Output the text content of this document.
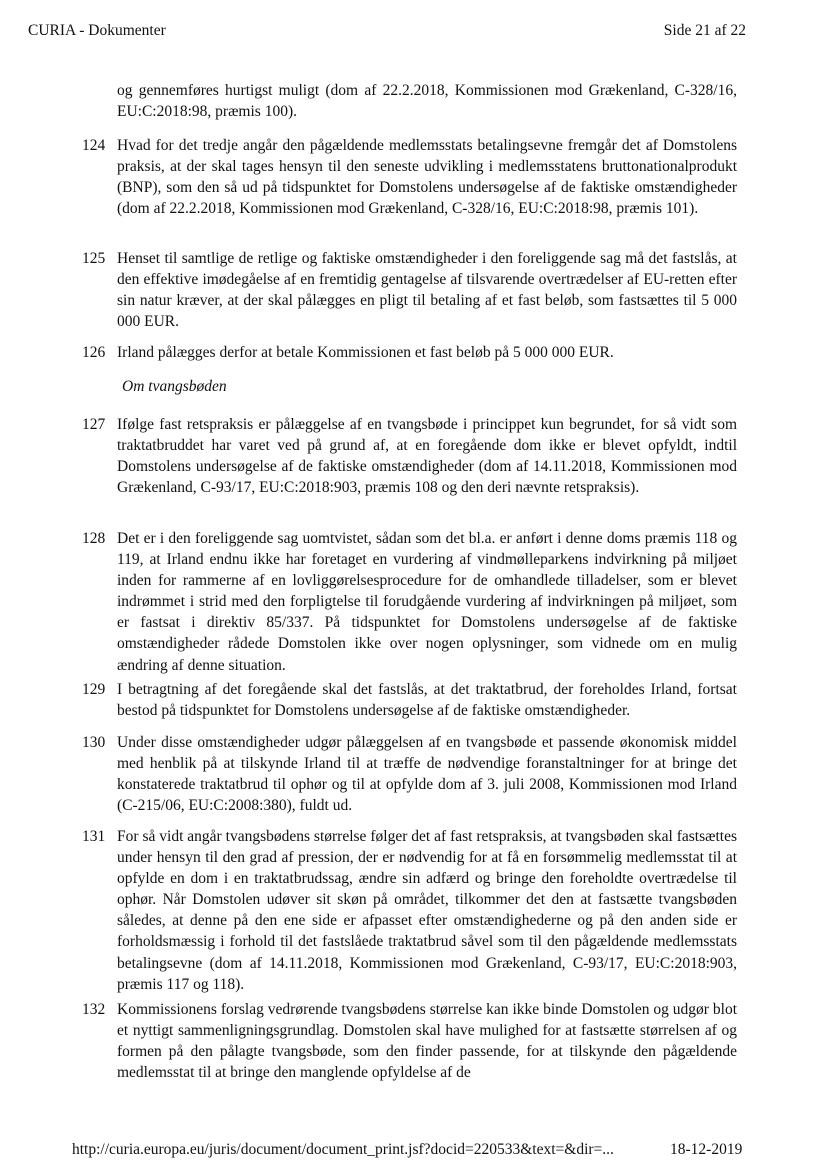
CURIA - Dokumenter	Side 21 af 22
og gennemføres hurtigst muligt (dom af 22.2.2018, Kommissionen mod Grækenland, C-328/16, EU:C:2018:98, præmis 100).
124 Hvad for det tredje angår den pågældende medlemsstats betalingsevne fremgår det af Domstolens praksis, at der skal tages hensyn til den seneste udvikling i medlemsstatens bruttonationalprodukt (BNP), som den så ud på tidspunktet for Domstolens undersøgelse af de faktiske omstændigheder (dom af 22.2.2018, Kommissionen mod Grækenland, C-328/16, EU:C:2018:98, præmis 101).
125 Henset til samtlige de retlige og faktiske omstændigheder i den foreliggende sag må det fastslås, at den effektive imødegåelse af en fremtidig gentagelse af tilsvarende overtrædelser af EU-retten efter sin natur kræver, at der skal pålægges en pligt til betaling af et fast beløb, som fastsættes til 5 000 000 EUR.
126 Irland pålægges derfor at betale Kommissionen et fast beløb på 5 000 000 EUR.
Om tvangsbøden
127 Ifølge fast retspraksis er pålæggelse af en tvangsbøde i princippet kun begrundet, for så vidt som traktatbruddet har varet ved på grund af, at en foregående dom ikke er blevet opfyldt, indtil Domstolens undersøgelse af de faktiske omstændigheder (dom af 14.11.2018, Kommissionen mod Grækenland, C-93/17, EU:C:2018:903, præmis 108 og den deri nævnte retspraksis).
128 Det er i den foreliggende sag uomtvistet, sådan som det bl.a. er anført i denne doms præmis 118 og 119, at Irland endnu ikke har foretaget en vurdering af vindmølleparkens indvirkning på miljøet inden for rammerne af en lovliggørelsesprocedure for de omhandlede tilladelser, som er blevet indrømmet i strid med den forpligtelse til forudgående vurdering af indvirkningen på miljøet, som er fastsat i direktiv 85/337. På tidspunktet for Domstolens undersøgelse af de faktiske omstændigheder rådede Domstolen ikke over nogen oplysninger, som vidnede om en mulig ændring af denne situation.
129 I betragtning af det foregående skal det fastslås, at det traktatbrud, der foreholdes Irland, fortsat bestod på tidspunktet for Domstolens undersøgelse af de faktiske omstændigheder.
130 Under disse omstændigheder udgør pålæggelsen af en tvangsbøde et passende økonomisk middel med henblik på at tilskynde Irland til at træffe de nødvendige foranstaltninger for at bringe det konstaterede traktatbrud til ophør og til at opfylde dom af 3. juli 2008, Kommissionen mod Irland (C-215/06, EU:C:2008:380), fuldt ud.
131 For så vidt angår tvangsbødens størrelse følger det af fast retspraksis, at tvangsbøden skal fastsættes under hensyn til den grad af pression, der er nødvendig for at få en forsømmelig medlemsstat til at opfylde en dom i en traktatbrudssag, ændre sin adfærd og bringe den foreholdte overtrædelse til ophør. Når Domstolen udøver sit skøn på området, tilkommer det den at fastsætte tvangsbøden således, at denne på den ene side er afpasset efter omstændighederne og på den anden side er forholdsmæssig i forhold til det fastslåede traktatbrud såvel som til den pågældende medlemsstats betalingsevne (dom af 14.11.2018, Kommissionen mod Grækenland, C-93/17, EU:C:2018:903, præmis 117 og 118).
132 Kommissionens forslag vedrørende tvangsbødens størrelse kan ikke binde Domstolen og udgør blot et nyttigt sammenligningsgrundlag. Domstolen skal have mulighed for at fastsætte størrelsen af og formen på den pålagte tvangsbøde, som den finder passende, for at tilskynde den pågældende medlemsstat til at bringe den manglende opfyldelse af de
http://curia.europa.eu/juris/document/document_print.jsf?docid=220533&text=&dir=...	18-12-2019
